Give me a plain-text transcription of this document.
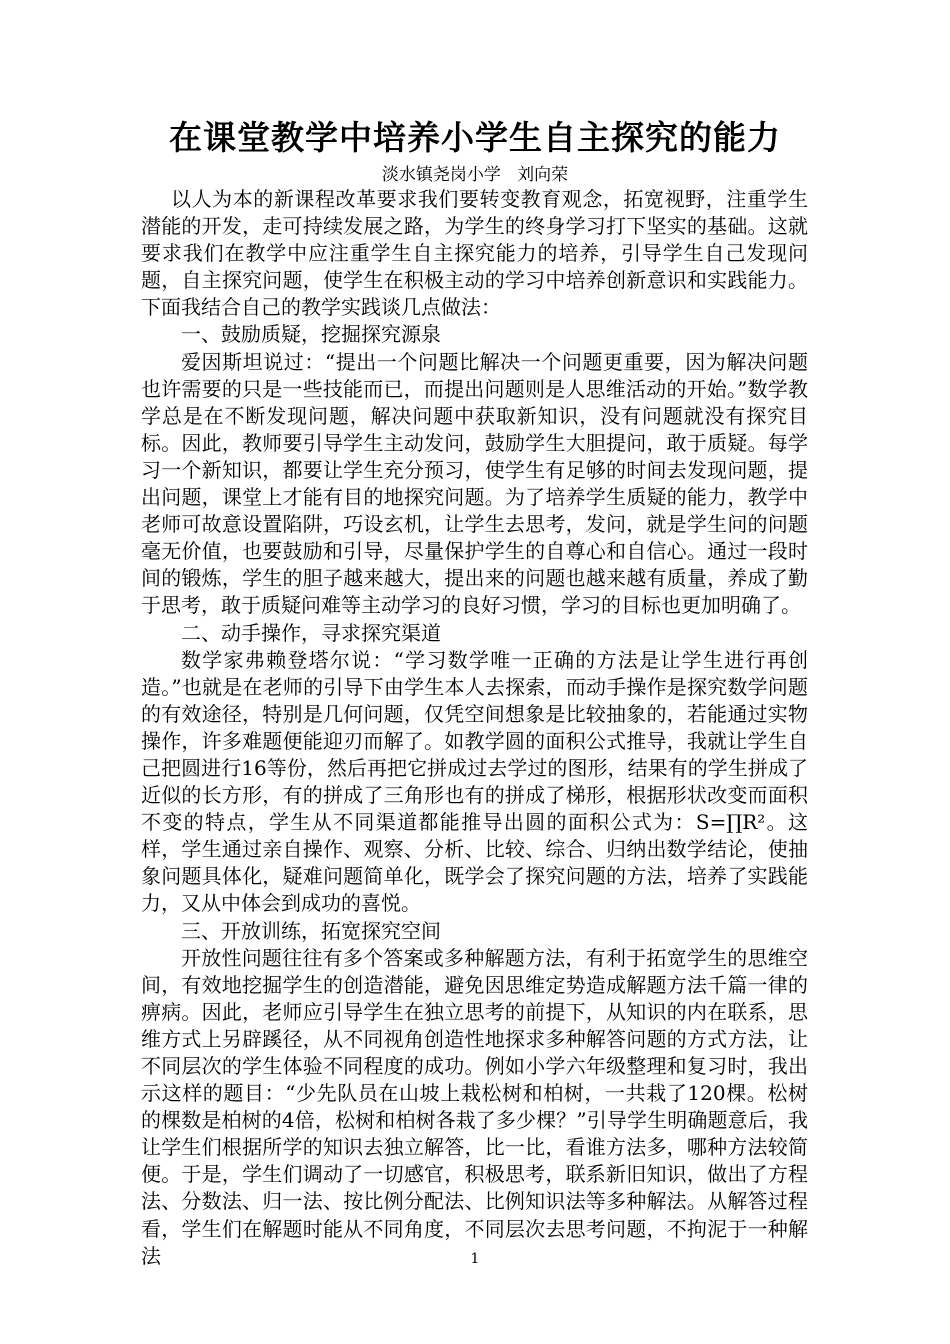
在课堂教学中培养小学生自主探究的能力

淡水镇尧岗小学   刘向荣

以人为本的新课程改革要求我们要转变教育观念，拓宽视野，注重学生潜能的开发，走可持续发展之路，为学生的终身学习打下坚实的基础。这就要求我们在教学中应注重学生自主探究能力的培养，引导学生自己发现问题，自主探究问题，使学生在积极主动的学习中培养创新意识和实践能力。下面我结合自己的教学实践谈几点做法：

一、鼓励质疑，挖掘探究源泉

爱因斯坦说过：“提出一个问题比解决一个问题更重要，因为解决问题也许需要的只是一些技能而已，而提出问题则是人思维活动的开始。”数学教学总是在不断发现问题，解决问题中获取新知识，没有问题就没有探究目标。因此，教师要引导学生主动发问，鼓励学生大胆提问，敢于质疑。每学习一个新知识，都要让学生充分预习，使学生有足够的时间去发现问题，提出问题，课堂上才能有目的地探究问题。为了培养学生质疑的能力，教学中老师可故意设置陷阱，巧设玄机，让学生去思考，发问，就是学生问的问题毫无价值，也要鼓励和引导，尽量保护学生的自尊心和自信心。通过一段时间的锻炼，学生的胆子越来越大，提出来的问题也越来越有质量，养成了勤于思考，敢于质疑问难等主动学习的良好习惯，学习的目标也更加明确了。

二、动手操作，寻求探究渠道

数学家弗赖登塔尔说：“学习数学唯一正确的方法是让学生进行再创造。”也就是在老师的引导下由学生本人去探索，而动手操作是探究数学问题的有效途径，特别是几何问题，仅凭空间想象是比较抽象的，若能通过实物操作，许多难题便能迎刃而解了。如教学圆的面积公式推导，我就让学生自己把圆进行16等份，然后再把它拼成过去学过的图形，结果有的学生拼成了近似的长方形，有的拼成了三角形也有的拼成了梯形，根据形状改变而面积不变的特点，学生从不同渠道都能推导出圆的面积公式为：S=∏R²。这样，学生通过亲自操作、观察、分析、比较、综合、归纳出数学结论，使抽象问题具体化，疑难问题简单化，既学会了探究问题的方法，培养了实践能力，又从中体会到成功的喜悦。

三、开放训练，拓宽探究空间

开放性问题往往有多个答案或多种解题方法，有利于拓宽学生的思维空间，有效地挖掘学生的创造潜能，避免因思维定势造成解题方法千篇一律的痹病。因此，老师应引导学生在独立思考的前提下，从知识的内在联系，思维方式上另辟蹊径，从不同视角创造性地探求多种解答问题的方式方法，让不同层次的学生体验不同程度的成功。例如小学六年级整理和复习时，我出示这样的题目：“少先队员在山坡上栽松树和柏树，一共栽了120棵。松树的棵数是柏树的4倍，松树和柏树各栽了多少棵？”引导学生明确题意后，我让学生们根据所学的知识去独立解答，比一比，看谁方法多，哪种方法较简便。于是，学生们调动了一切感官，积极思考，联系新旧知识，做出了方程法、分数法、归一法、按比例分配法、比例知识法等多种解法。从解答过程看，学生们在解题时能从不同角度，不同层次去思考问题，不拘泥于一种解法	1
